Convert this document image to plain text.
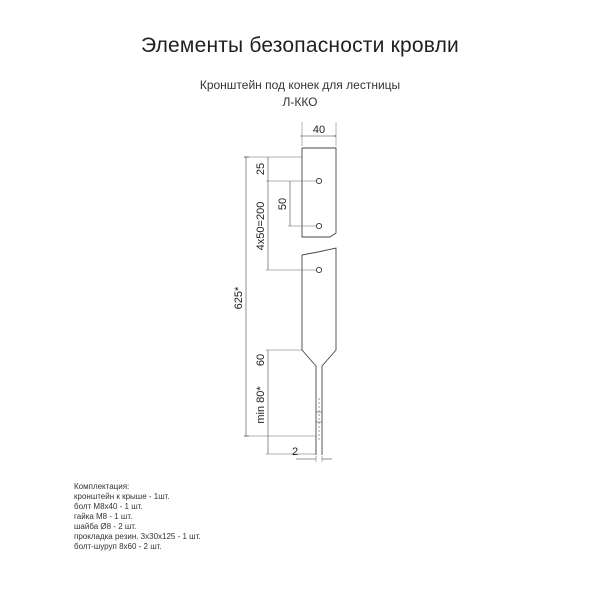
Элементы безопасности кровли
Кронштейн под конек для лестницы
Л-ККО
40
25
50
4x50=200
625*
60
min 80*
2
Комплектация:
кронштейн к крыше - 1шт.
болт М8х40 - 1 шт.
гайка М8 - 1 шт.
шайба Ø8 - 2 шт.
прокладка резин. 3х30х125 - 1 шт.
болт-шуруп 8х60 - 2 шт.
